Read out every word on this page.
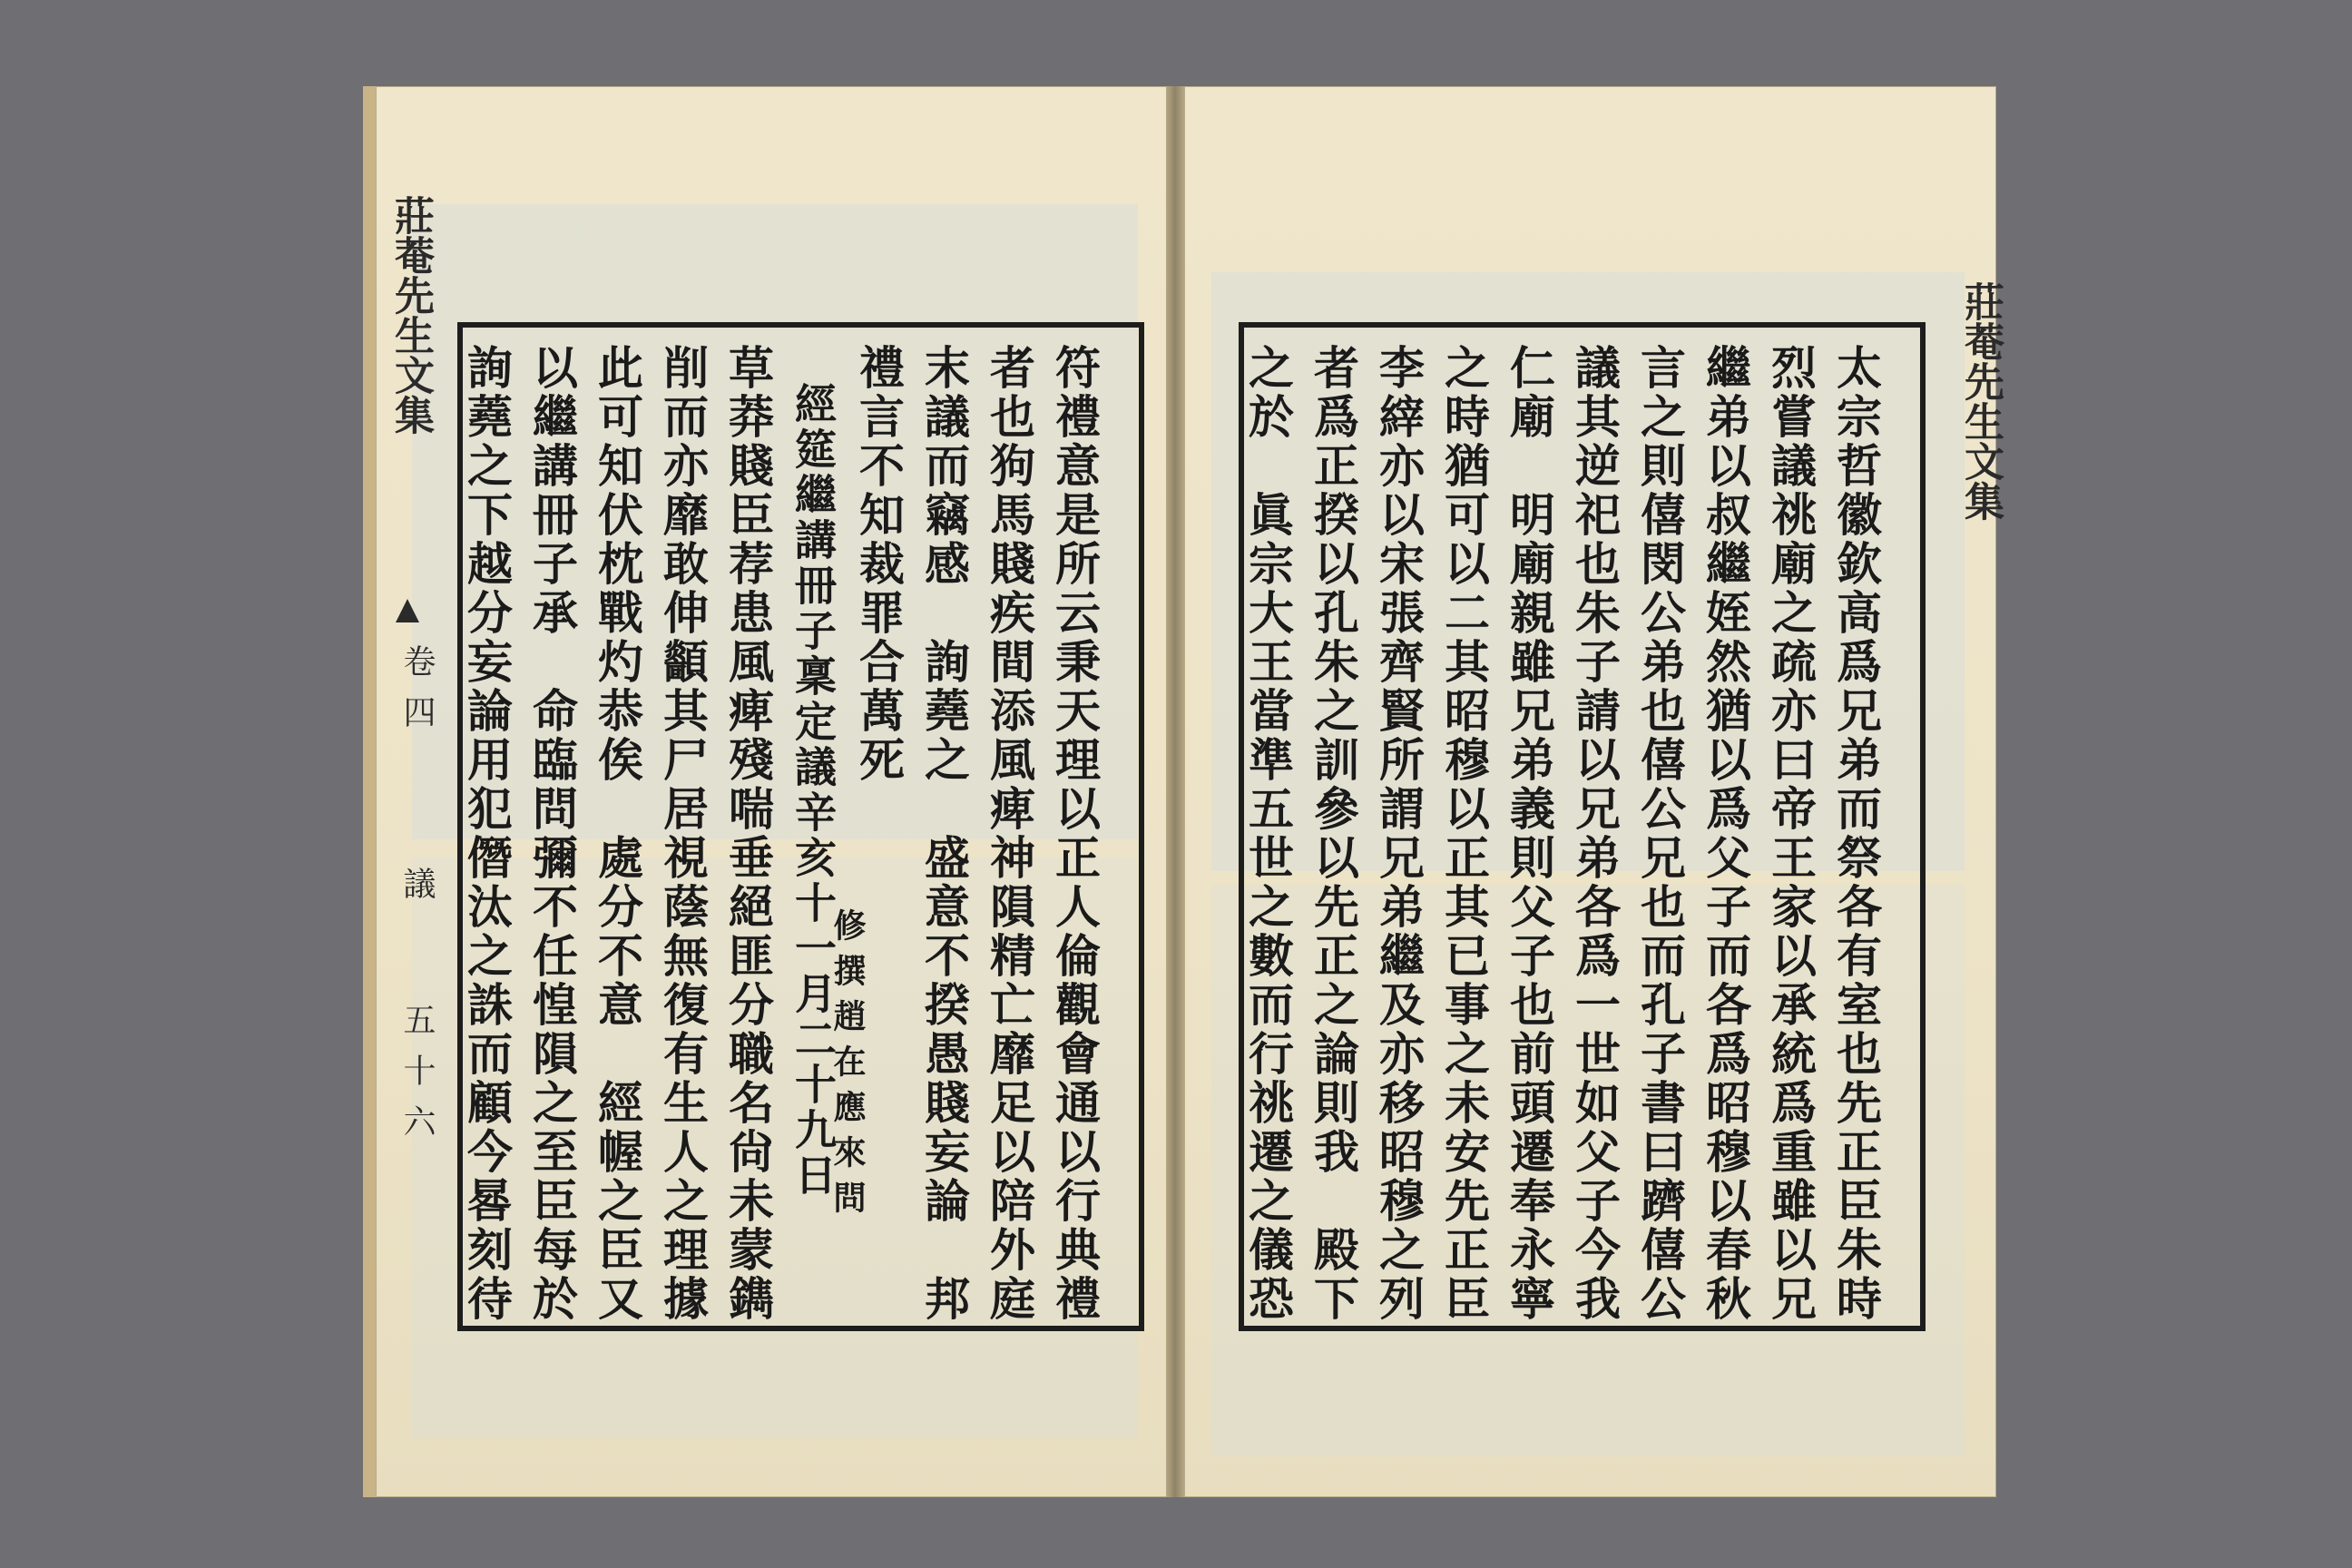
莊菴先生文集
卷四
議
五十六	符禮意是所云秉天理以正人倫觀會通以行典禮
者也狗馬賤疾間添風痺神隕精亡靡足以陪外庭
末議而竊感　詢蕘之　盛意不揆愚賤妄論　邦
禮言不知裁罪合萬死
經筵繼講冊子稟定議辛亥十一月二十九日
草莽賤臣荐患風痺殘喘垂絕匪分職名尙未蒙鐫
削而亦靡敢伸顲其尸居視蔭無復有生人之理據
此可知伏枕戰灼恭俟　處分不意　經幄之臣又
以繼講冊子承　命臨問彌不任惶隕之至臣每於
詢蕘之下越分妄論用犯僭汰之誅而顧今晷刻待	修撰趙在應來問	太宗哲徽欽高爲兄弟而祭各有室也先正臣朱時
烈嘗議祧廟之疏亦曰帝王家以承統爲重雖以兄
繼弟以叔繼姪然猶以爲父子而各爲昭穆以春秋
言之則僖閔公弟也僖公兄也而孔子書曰躋僖公
議其逆祀也朱子請以兄弟各爲一世如父子今我
仁廟　明廟親雖兄弟義則父子也前頭遷奉永寧
之時猶可以二其昭穆以正其已事之未安先正臣
李縡亦以宋張齊賢所謂兄弟繼及亦移昭穆之列
者爲正揆以孔朱之訓參以先正之論則我　殿下
之於　眞宗大王當準五世之數而行祧遷之儀恐	莊菴先生文集
